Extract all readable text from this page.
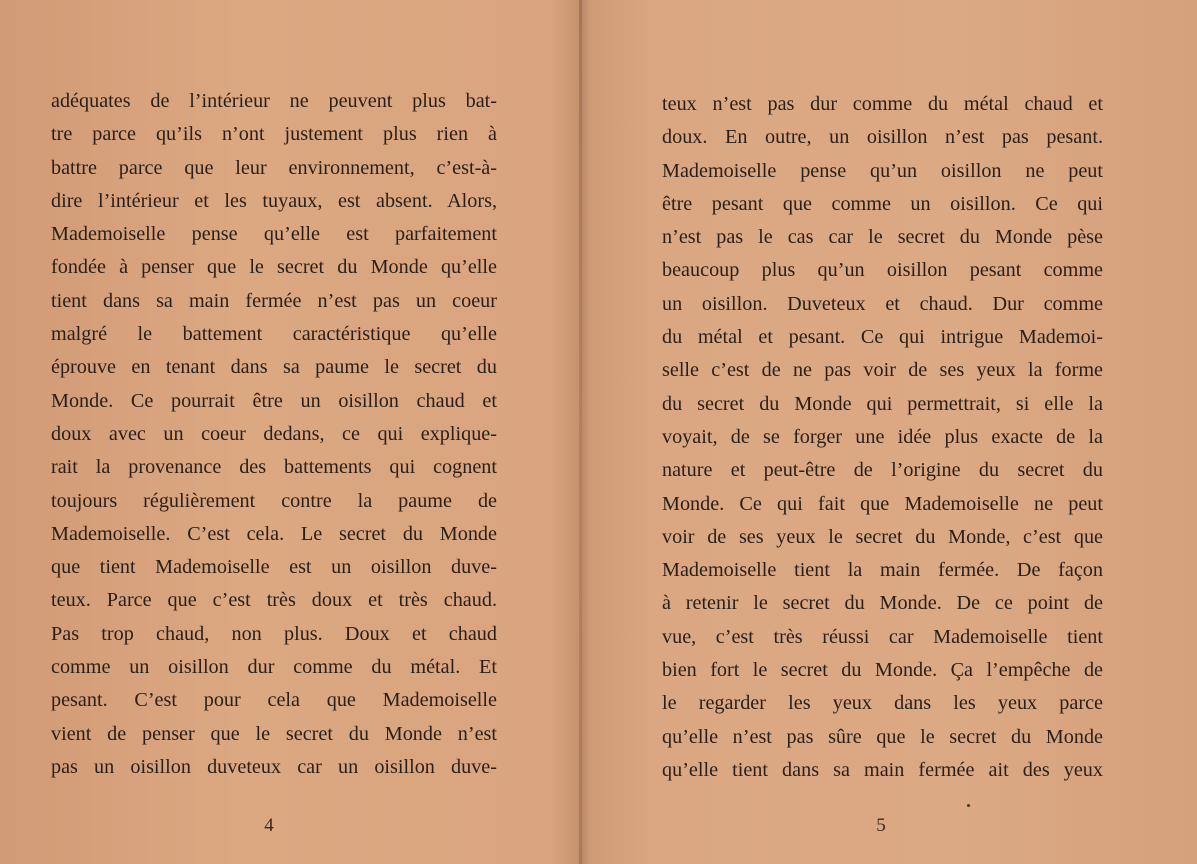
adéquates de l’intérieur ne peuvent plus bat-
tre parce qu’ils n’ont justement plus rien à
battre parce que leur environnement, c’est-à-
dire l’intérieur et les tuyaux, est absent. Alors,
Mademoiselle pense qu’elle est parfaitement
fondée à penser que le secret du Monde qu’elle
tient dans sa main fermée n’est pas un coeur
malgré le battement caractéristique qu’elle
éprouve en tenant dans sa paume le secret du
Monde. Ce pourrait être un oisillon chaud et
doux avec un coeur dedans, ce qui explique-
rait la provenance des battements qui cognent
toujours régulièrement contre la paume de
Mademoiselle. C’est cela. Le secret du Monde
que tient Mademoiselle est un oisillon duve-
teux. Parce que c’est très doux et très chaud.
Pas trop chaud, non plus. Doux et chaud
comme un oisillon dur comme du métal. Et
pesant. C’est pour cela que Mademoiselle
vient de penser que le secret du Monde n’est
pas un oisillon duveteux car un oisillon duve-
4
teux n’est pas dur comme du métal chaud et
doux. En outre, un oisillon n’est pas pesant.
Mademoiselle pense qu’un oisillon ne peut
être pesant que comme un oisillon. Ce qui
n’est pas le cas car le secret du Monde pèse
beaucoup plus qu’un oisillon pesant comme
un oisillon. Duveteux et chaud. Dur comme
du métal et pesant. Ce qui intrigue Mademoi-
selle c’est de ne pas voir de ses yeux la forme
du secret du Monde qui permettrait, si elle la
voyait, de se forger une idée plus exacte de la
nature et peut-être de l’origine du secret du
Monde. Ce qui fait que Mademoiselle ne peut
voir de ses yeux le secret du Monde, c’est que
Mademoiselle tient la main fermée. De façon
à retenir le secret du Monde. De ce point de
vue, c’est très réussi car Mademoiselle tient
bien fort le secret du Monde. Ça l’empêche de
le regarder les yeux dans les yeux parce
qu’elle n’est pas sûre que le secret du Monde
qu’elle tient dans sa main fermée ait des yeux
5
